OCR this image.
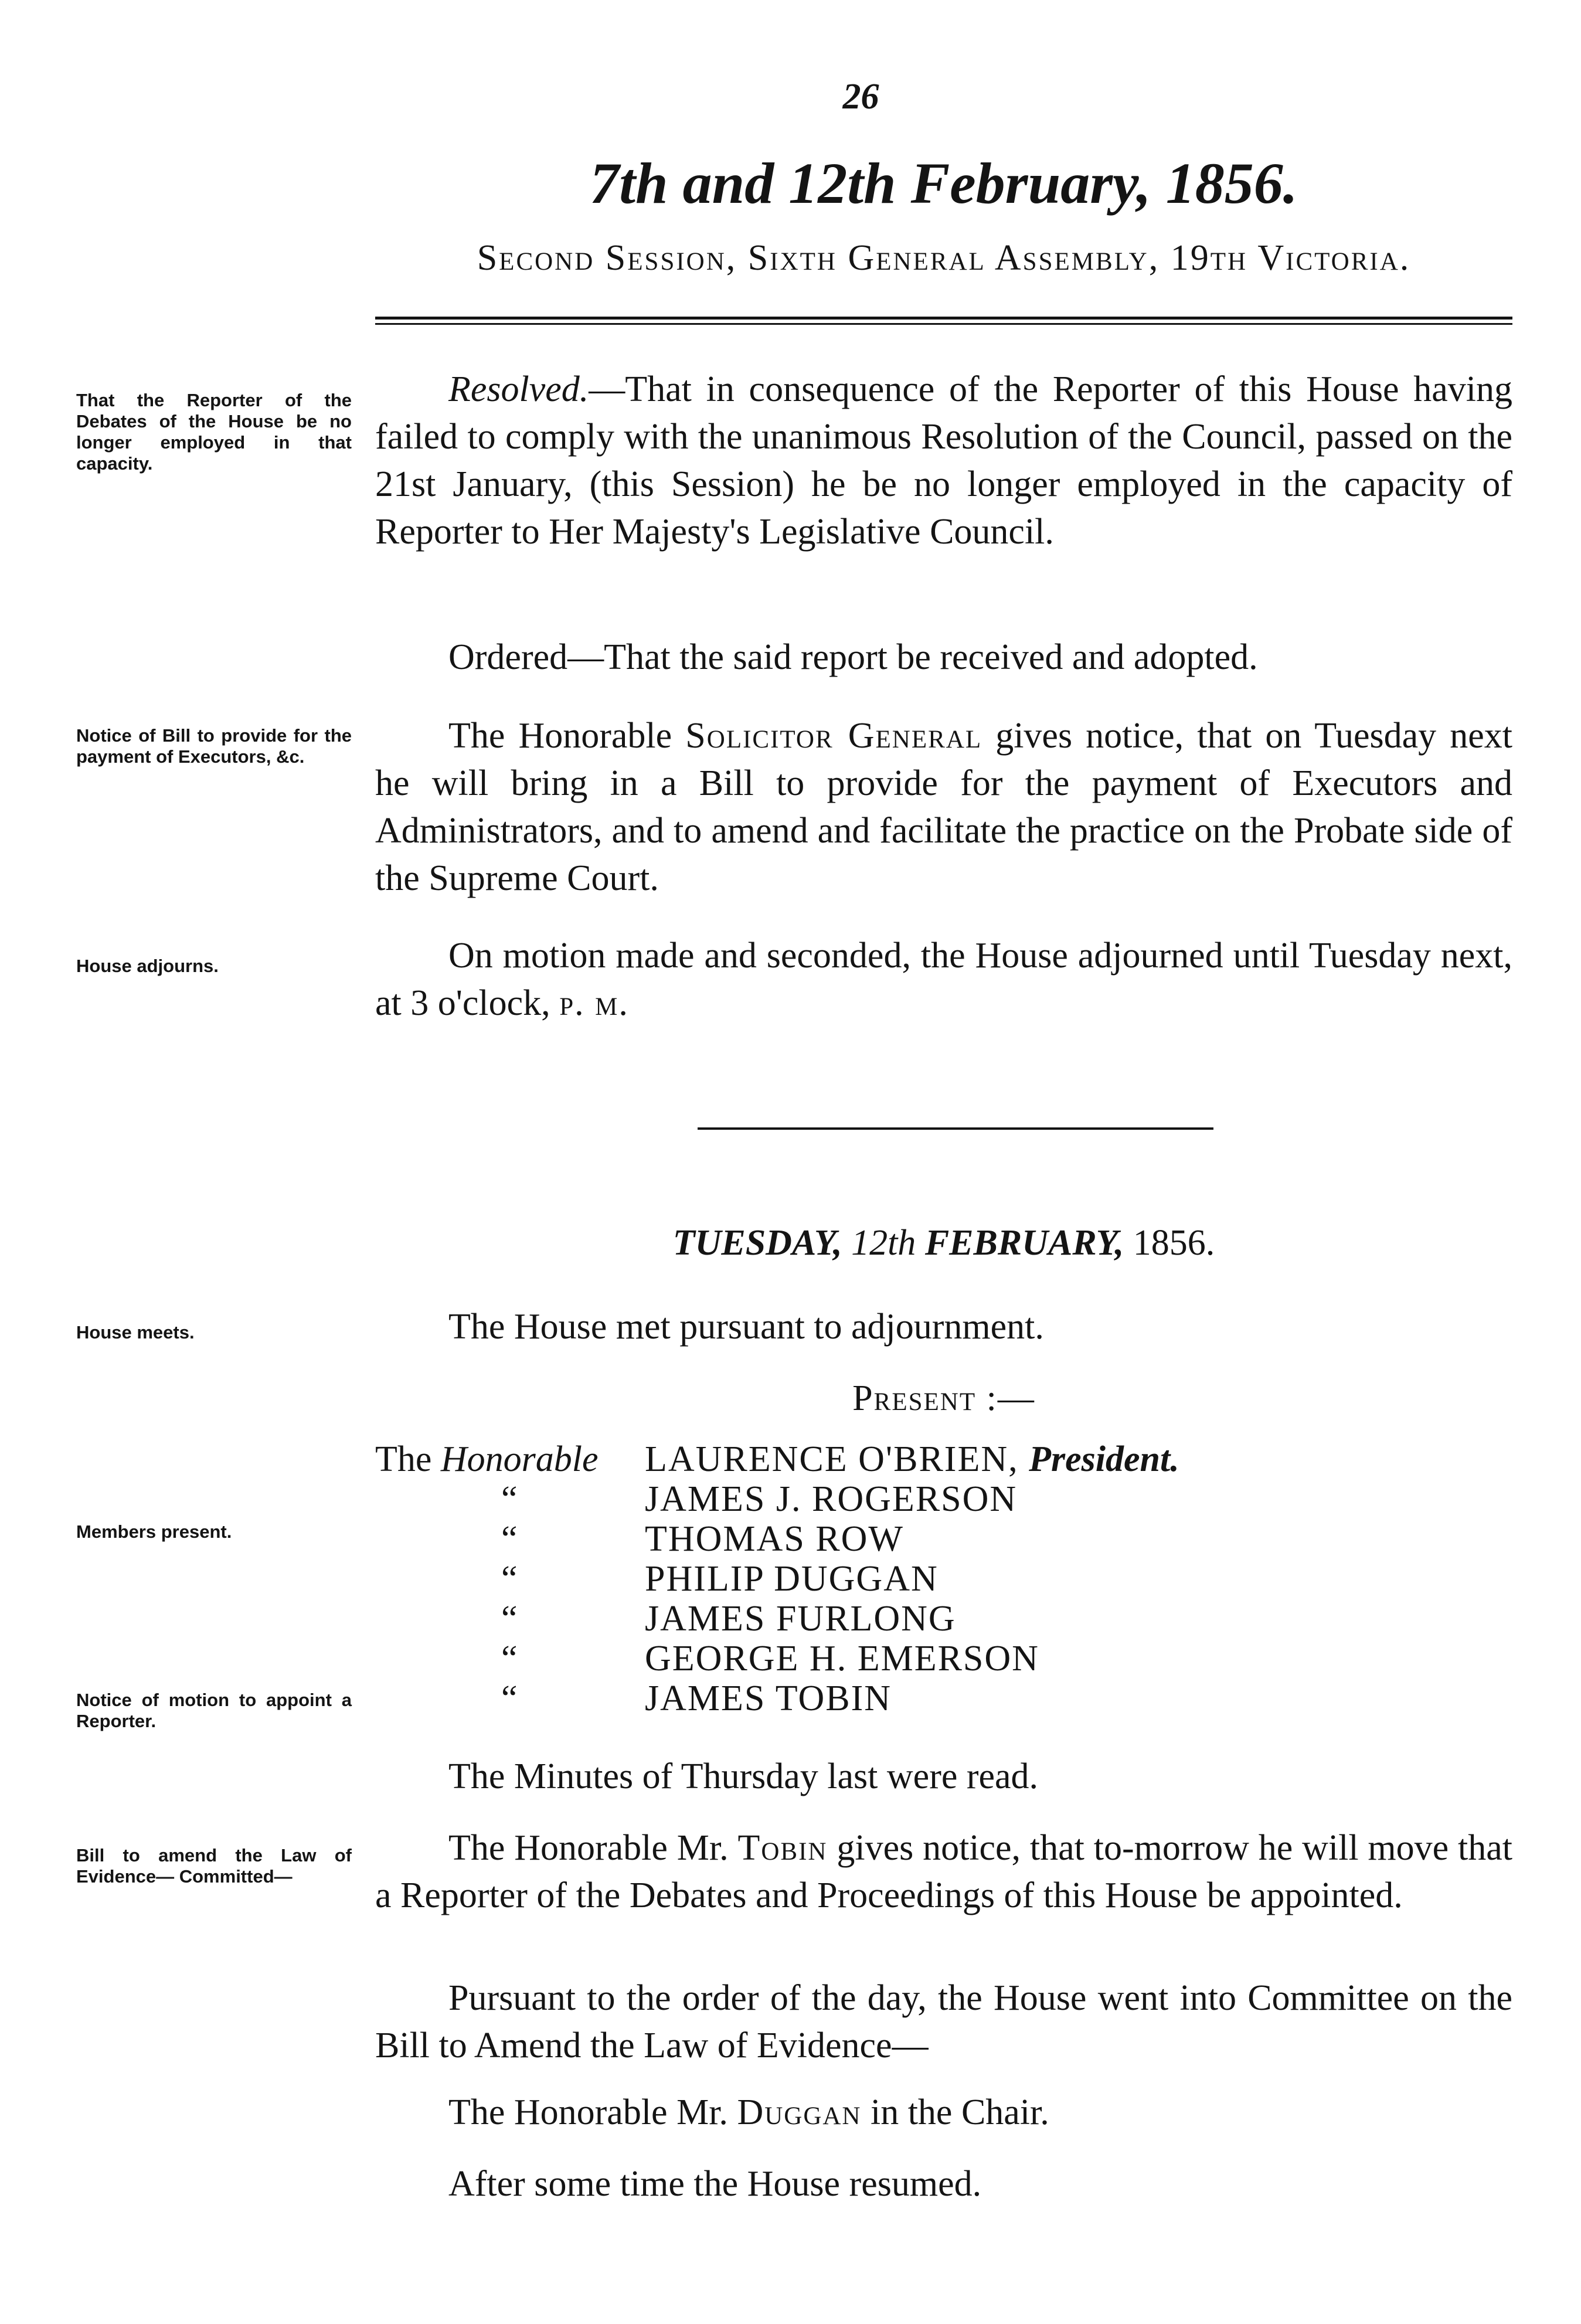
26
7th and 12th February, 1856.
Second Session, Sixth General Assembly, 19th Victoria.
That the Reporter of the Debates of the House be no longer employed in that capacity.
Notice of Bill to provide for the payment of Executors, &c.
House adjourns.
House meets.
Members present.
Notice of motion to appoint a Reporter.
Bill to amend the Law of Evidence— Committed—

Resolved.—That in consequence of the Reporter of this House having failed to comply with the unanimous Resolution of the Council, passed on the 21st January, (this Session) he be no longer employed in the capacity of Reporter to Her Majesty's Legislative Council.

Ordered—That the said report be received and adopted.

The Honorable Solicitor General gives notice, that on Tuesday next he will bring in a Bill to provide for the payment of Executors and Administrators, and to amend and facilitate the practice on the Probate side of the Supreme Court.

On motion made and seconded, the House adjourned until Tuesday next, at 3 o'clock, p. m.

TUESDAY, 12th FEBRUARY, 1856.

The House met pursuant to adjournment.

Present :—

The Honorable LAURENCE O'BRIEN, President.
“	JAMES J. ROGERSON
“	THOMAS ROW
“	PHILIP DUGGAN
“	JAMES FURLONG
“	GEORGE H. EMERSON
“	JAMES TOBIN

The Minutes of Thursday last were read.

The Honorable Mr. Tobin gives notice, that to-morrow he will move that a Reporter of the Debates and Proceedings of this House be appointed.

Pursuant to the order of the day, the House went into Committee on the Bill to Amend the Law of Evidence—

The Honorable Mr. Duggan in the Chair.

After some time the House resumed.
